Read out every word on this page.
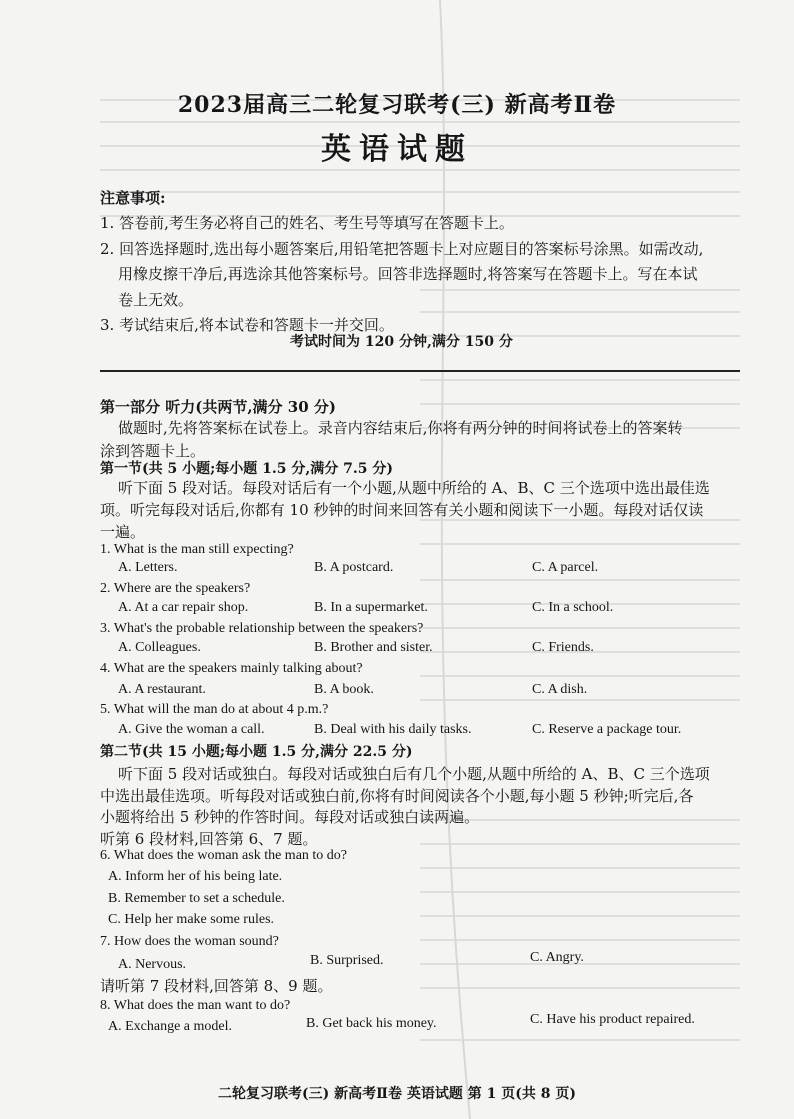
2023届高三二轮复习联考(三) 新高考Ⅱ卷
英语试题
注意事项:
1. 答卷前,考生务必将自己的姓名、考生号等填写在答题卡上。
2. 回答选择题时,选出每小题答案后,用铅笔把答题卡上对应题目的答案标号涂黑。如需改动,
用橡皮擦干净后,再选涂其他答案标号。回答非选择题时,将答案写在答题卡上。写在本试
卷上无效。
3. 考试结束后,将本试卷和答题卡一并交回。
考试时间为 120 分钟,满分 150 分
第一部分 听力(共两节,满分 30 分)
做题时,先将答案标在试卷上。录音内容结束后,你将有两分钟的时间将试卷上的答案转
涂到答题卡上。
第一节(共 5 小题;每小题 1.5 分,满分 7.5 分)
听下面 5 段对话。每段对话后有一个小题,从题中所给的 A、B、C 三个选项中选出最佳选
项。听完每段对话后,你都有 10 秒钟的时间来回答有关小题和阅读下一小题。每段对话仅读
一遍。
1. What is the man still expecting?
A. Letters.	B. A postcard.	C. A parcel.
2. Where are the speakers?
A. At a car repair shop.	B. In a supermarket.	C. In a school.
3. What's the probable relationship between the speakers?
A. Colleagues.	B. Brother and sister.	C. Friends.
4. What are the speakers mainly talking about?
A. A restaurant.	B. A book.	C. A dish.
5. What will the man do at about 4 p.m.?
A. Give the woman a call.	B. Deal with his daily tasks.	C. Reserve a package tour.
第二节(共 15 小题;每小题 1.5 分,满分 22.5 分)
听下面 5 段对话或独白。每段对话或独白后有几个小题,从题中所给的 A、B、C 三个选项
中选出最佳选项。听每段对话或独白前,你将有时间阅读各个小题,每小题 5 秒钟;听完后,各
小题将给出 5 秒钟的作答时间。每段对话或独白读两遍。
听第 6 段材料,回答第 6、7 题。
6. What does the woman ask the man to do?
A. Inform her of his being late.
B. Remember to set a schedule.
C. Help her make some rules.
7. How does the woman sound?
A. Nervous.	B. Surprised.	C. Angry.
请听第 7 段材料,回答第 8、9 题。
8. What does the man want to do?
A. Exchange a model.	B. Get back his money.	C. Have his product repaired.
二轮复习联考(三) 新高考Ⅱ卷 英语试题 第 1 页(共 8 页)
